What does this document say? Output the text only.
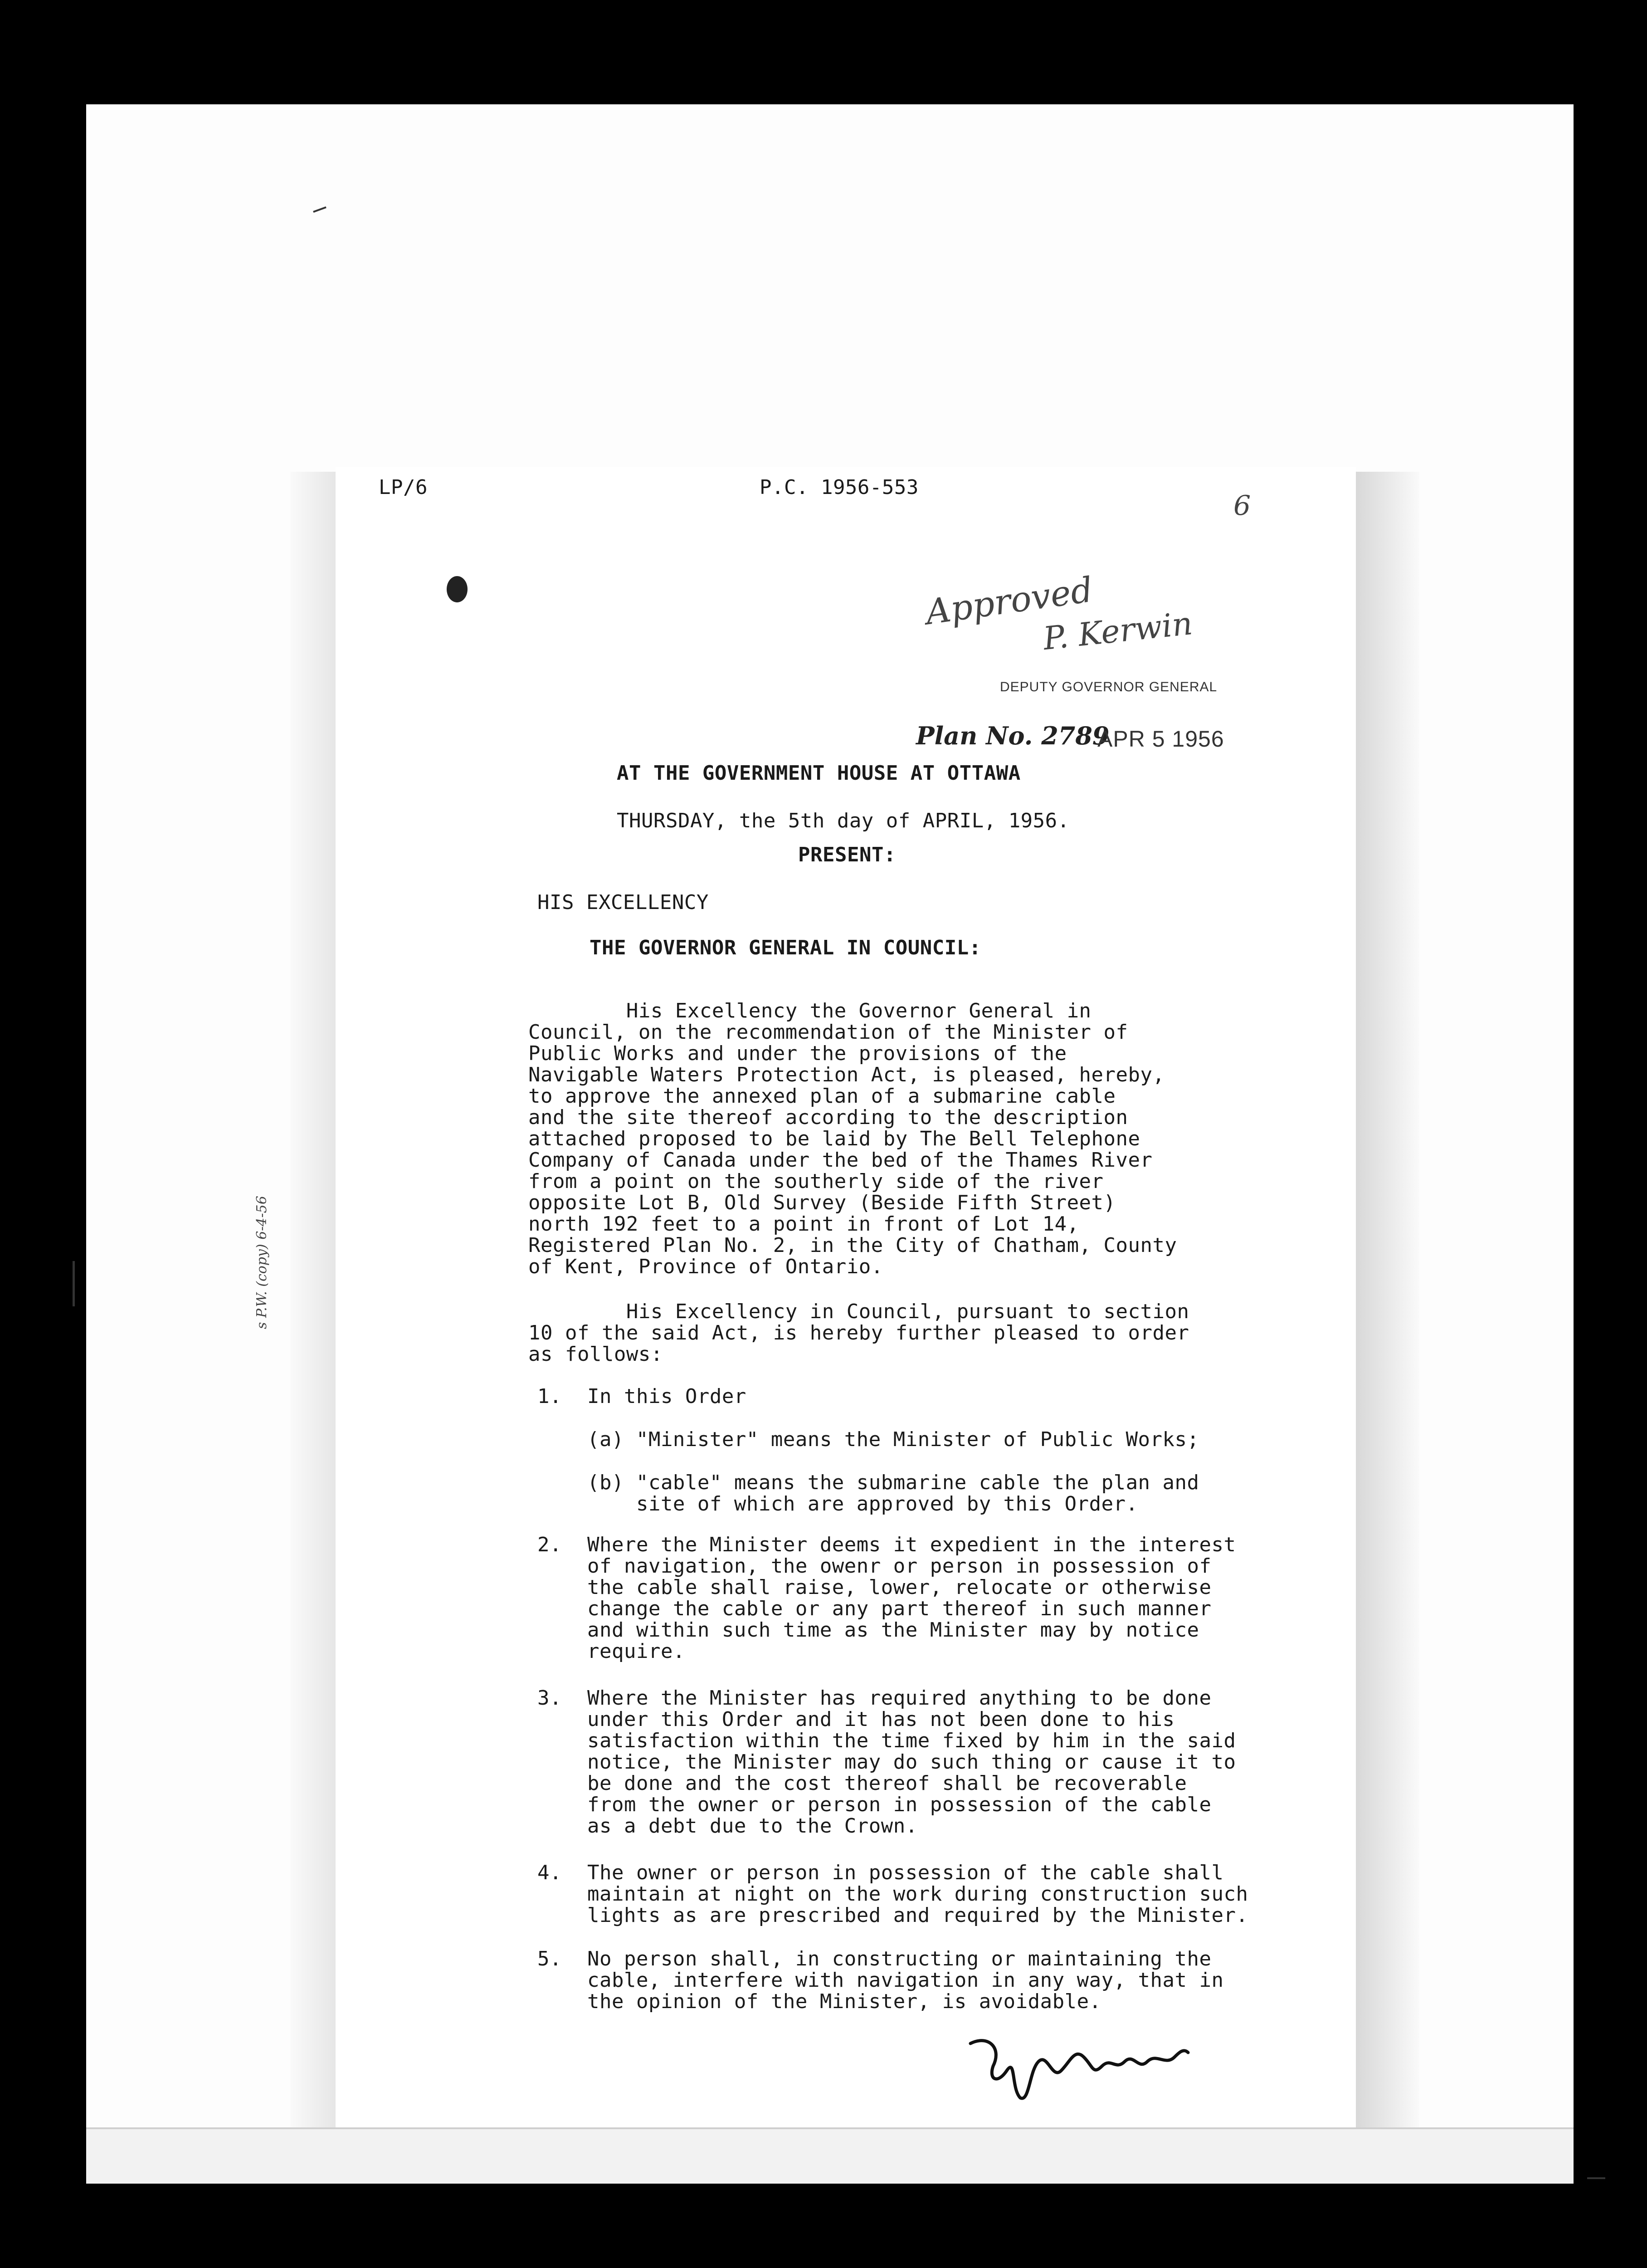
s P.W. (copy) 6-4-56
LP/6	P.C. 1956-553
6
Approved
P. Kerwin
DEPUTY GOVERNOR GENERAL
Plan No. 2789
APR 5 1956
AT THE GOVERNMENT HOUSE AT OTTAWA
THURSDAY, the 5th day of APRIL, 1956.
PRESENT:
HIS EXCELLENCY
THE GOVERNOR GENERAL IN COUNCIL:
His Excellency the Governor General in
Council, on the recommendation of the Minister of
Public Works and under the provisions of the
Navigable Waters Protection Act, is pleased, hereby,
to approve the annexed plan of a submarine cable
and the site thereof according to the description
attached proposed to be laid by The Bell Telephone
Company of Canada under the bed of the Thames River
from a point on the southerly side of the river
opposite Lot B, Old Survey (Beside Fifth Street)
north 192 feet to a point in front of Lot 14,
Registered Plan No. 2, in the City of Chatham, County
of Kent, Province of Ontario.
His Excellency in Council, pursuant to section
10 of the said Act, is hereby further pleased to order
as follows:
1. In this Order
(a) "Minister" means the Minister of Public Works;
(b) "cable" means the submarine cable the plan and
site of which are approved by this Order.
2. Where the Minister deems it expedient in the interest
of navigation, the owenr or person in possession of
the cable shall raise, lower, relocate or otherwise
change the cable or any part thereof in such manner
and within such time as the Minister may by notice
require.
3. Where the Minister has required anything to be done
under this Order and it has not been done to his
satisfaction within the time fixed by him in the said
notice, the Minister may do such thing or cause it to
be done and the cost thereof shall be recoverable
from the owner or person in possession of the cable
as a debt due to the Crown.
4. The owner or person in possession of the cable shall
maintain at night on the work during construction such
lights as are prescribed and required by the Minister.
5. No person shall, in constructing or maintaining the
cable, interfere with navigation in any way, that in
the opinion of the Minister, is avoidable.
